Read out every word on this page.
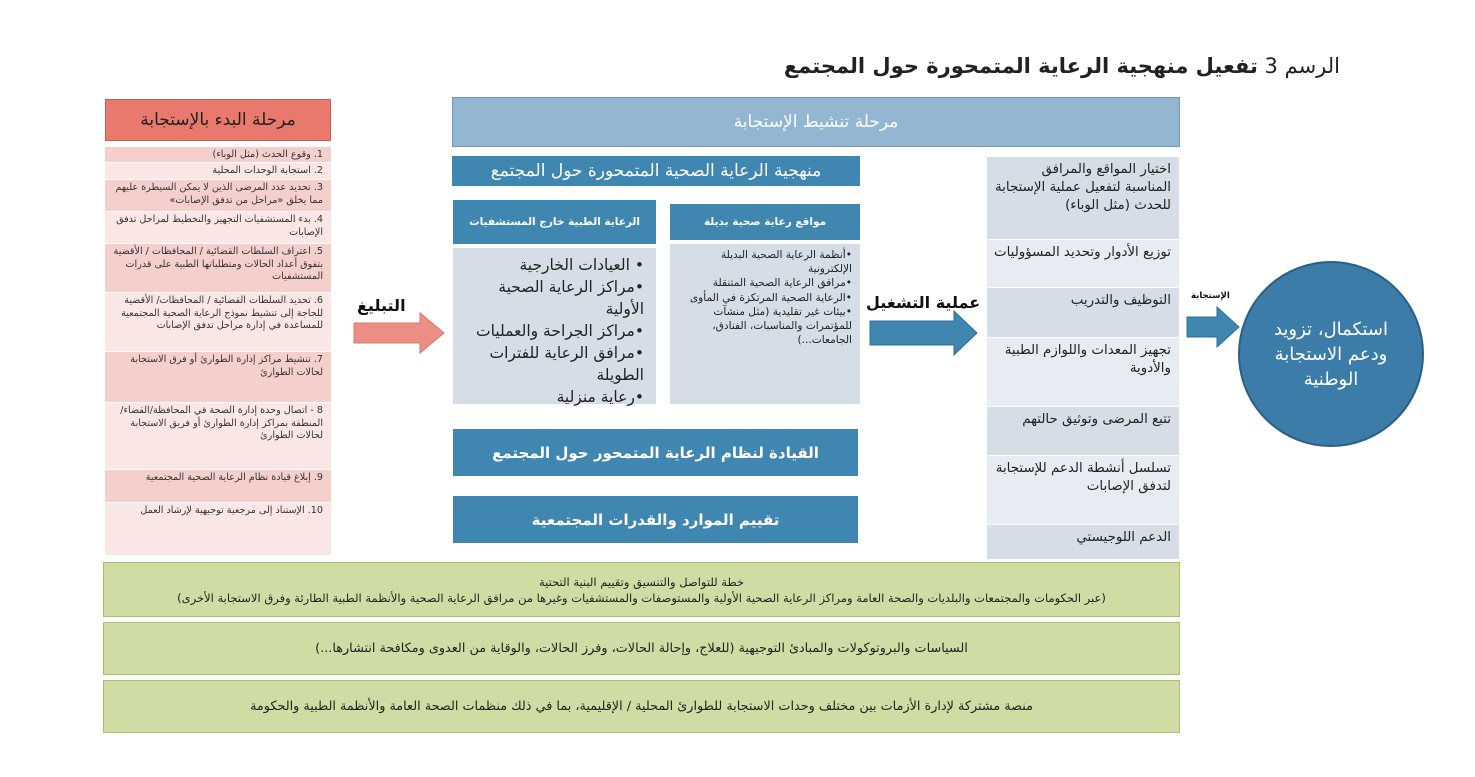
الرسم 3 تفعيل منهجية الرعاية المتمحورة حول المجتمع
مرحلة البدء بالإستجابة
1. وقوع الحدث (مثل الوباء)
2. استجابة الوحدات المحلية
3. تحديد عدد المرضى الذين لا يمكن السيطرة عليهم مما يخلق «مراحل من تدفق الإصابات»
4. بدء المستشفيات التجهيز والتخطيط لمراحل تدفق الإصابات
5. اعتراف السلطات القضائية / المحافظات / الأقضية بتفوق أعداد الحالات ومتطلباتها الطبية على قدرات المستشفيات
6. تحديد السلطات القضائية / المحافظات/ الأقضية للحاجة إلى تنشيط نموذج الرعاية الصحية المجتمعية للمساعدة في إدارة مراحل تدفق الإصابات
7. تنشيط مراكز إدارة الطوارئ أو فرق الاستجابة لحالات الطوارئ
8 - اتصال وحدة إدارة الصحة في المحافظة/القضاء/المنطقة بمراكز إدارة الطوارئ أو فريق الاستجابة لحالات الطوارئ
9. إبلاغ قيادة نظام الرعاية الصحية المجتمعية
10. الإستناد إلى مرجعية توجيهية لإرشاد العمل
التبليغ
مرحلة تنشيط الإستجابة
منهجية الرعاية الصحية المتمحورة حول المجتمع
الرعاية الطبية خارج المستشفيات
• العيادات الخارجية
•مراكز الرعاية الصحية الأولية
•مراكز الجراحة والعمليات
•مرافق الرعاية للفترات الطويلة
•رعاية منزلية
مواقع رعاية صحية بديلة
•أنظمة الرعاية الصحية البديلة الإلكترونية
•مرافق الرعاية الصحية المتنقلة
•الرعاية الصحية المرتكزة في المأوى
•بيئات غير تقليدية (مثل منشآت للمؤتمرات والمناسبات، الفنادق، الجامعات...)
القيادة لنظام الرعاية المتمحور حول المجتمع
تقييم الموارد والقدرات المجتمعية
عملية التشغيل
اختيار المواقع والمرافق المناسبة لتفعيل عملية الإستجابة للحدث (مثل الوباء)
توزيع الأدوار وتحديد المسؤوليات
التوظيف والتدريب
تجهيز المعدات واللوازم الطبية والأدوية
تتبع المرضى وتوثيق حالتهم
تسلسل أنشطة الدعم للإستجابة لتدفق الإصابات
الدعم اللوجيستي
الإستجابة
استكمال، تزويد ودعم الاستجابة الوطنية
خطة للتواصل والتنسيق وتقييم البنية التحتية
(عبر الحكومات والمجتمعات والبلديات والصحة العامة ومراكز الرعاية الصحية الأولية والمستوصفات والمستشفيات وغيرها من مرافق الرعاية الصحية والأنظمة الطبية الطارئة وفرق الاستجابة الأخرى)
السياسات والبروتوكولات والمبادئ التوجيهية (للعلاج، وإحالة الحالات، وفرز الحالات، والوقاية من العدوى ومكافحة انتشارها...)
منصة مشتركة لإدارة الأزمات بين مختلف وحدات الاستجابة للطوارئ المحلية / الإقليمية، بما في ذلك منظمات الصحة العامة والأنظمة الطبية والحكومة
